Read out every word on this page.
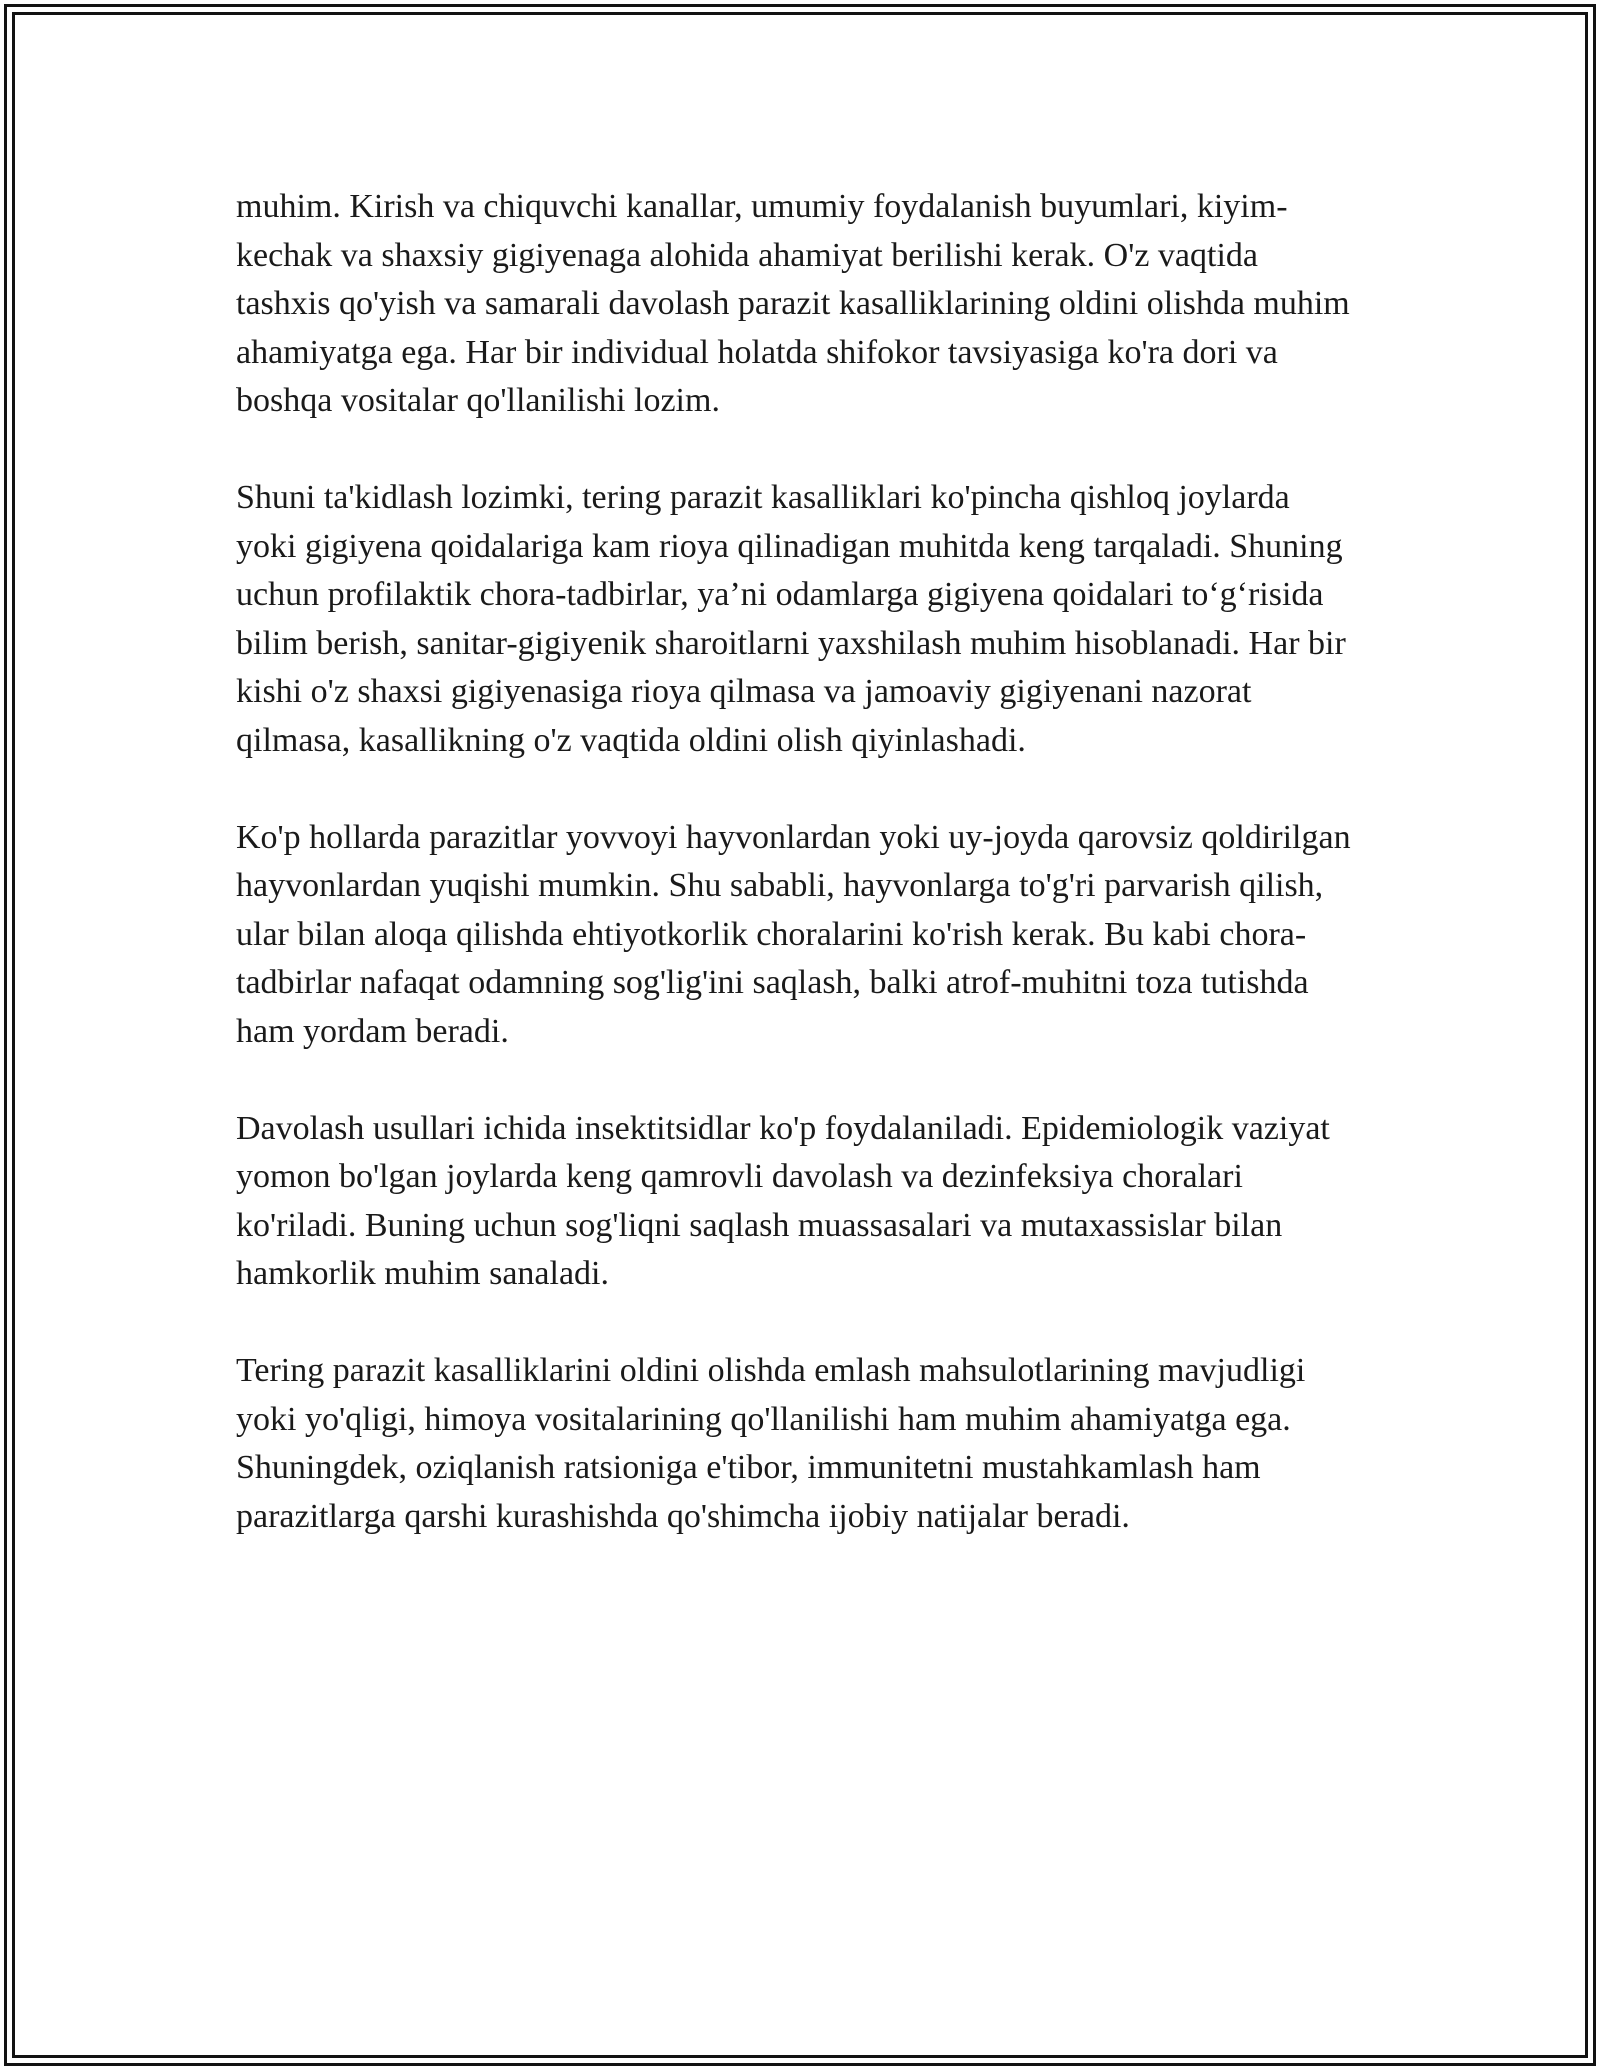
muhim. Kirish va chiquvchi kanallar, umumiy foydalanish buyumlari, kiyim-kechak va shaxsiy gigiyenaga alohida ahamiyat berilishi kerak. O'z vaqtida tashxis qo'yish va samarali davolash parazit kasalliklarining oldini olishda muhim ahamiyatga ega. Har bir individual holatda shifokor tavsiyasiga ko'ra dori va boshqa vositalar qo'llanilishi lozim.

Shuni ta'kidlash lozimki, tering parazit kasalliklari ko'pincha qishloq joylarda yoki gigiyena qoidalariga kam rioya qilinadigan muhitda keng tarqaladi. Shuning uchun profilaktik chora-tadbirlar, ya’ni odamlarga gigiyena qoidalari to‘g‘risida bilim berish, sanitar-gigiyenik sharoitlarni yaxshilash muhim hisoblanadi. Har bir kishi o'z shaxsi gigiyenasiga rioya qilmasa va jamoaviy gigiyenani nazorat qilmasa, kasallikning o'z vaqtida oldini olish qiyinlashadi.

Ko'p hollarda parazitlar yovvoyi hayvonlardan yoki uy-joyda qarovsiz qoldirilgan hayvonlardan yuqishi mumkin. Shu sababli, hayvonlarga to'g'ri parvarish qilish, ular bilan aloqa qilishda ehtiyotkorlik choralarini ko'rish kerak. Bu kabi chora-tadbirlar nafaqat odamning sog'lig'ini saqlash, balki atrof-muhitni toza tutishda ham yordam beradi.

Davolash usullari ichida insektitsidlar ko'p foydalaniladi. Epidemiologik vaziyat yomon bo'lgan joylarda keng qamrovli davolash va dezinfeksiya choralari ko'riladi. Buning uchun sog'liqni saqlash muassasalari va mutaxassislar bilan hamkorlik muhim sanaladi.

Tering parazit kasalliklarini oldini olishda emlash mahsulotlarining mavjudligi yoki yo'qligi, himoya vositalarining qo'llanilishi ham muhim ahamiyatga ega. Shuningdek, oziqlanish ratsioniga e'tibor, immunitetni mustahkamlash ham parazitlarga qarshi kurashishda qo'shimcha ijobiy natijalar beradi.
